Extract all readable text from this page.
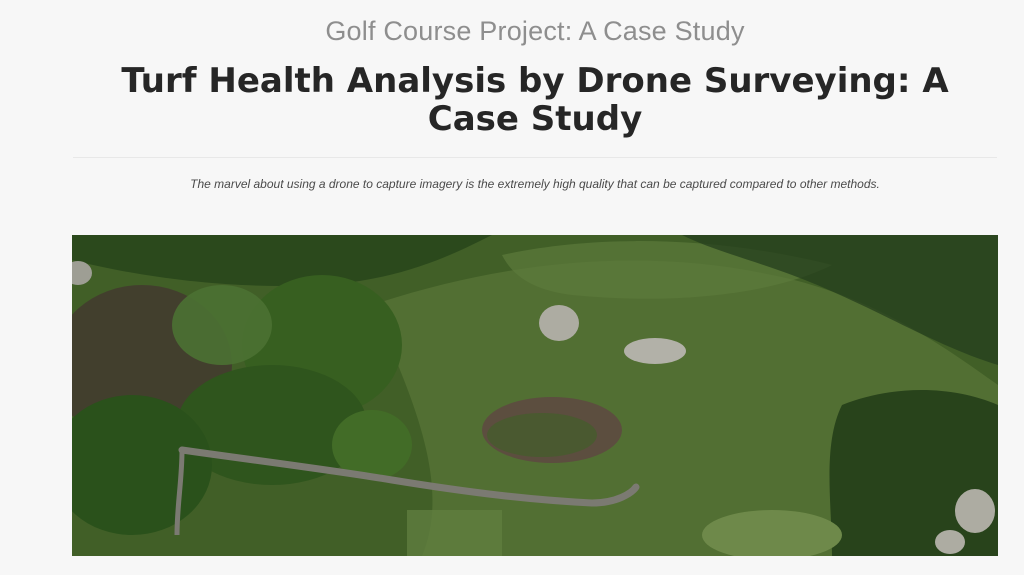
Golf Course Project: A Case Study
Turf Health Analysis by Drone Surveying: A Case Study
The marvel about using a drone to capture imagery is the extremely high quality that can be captured compared to other methods.
